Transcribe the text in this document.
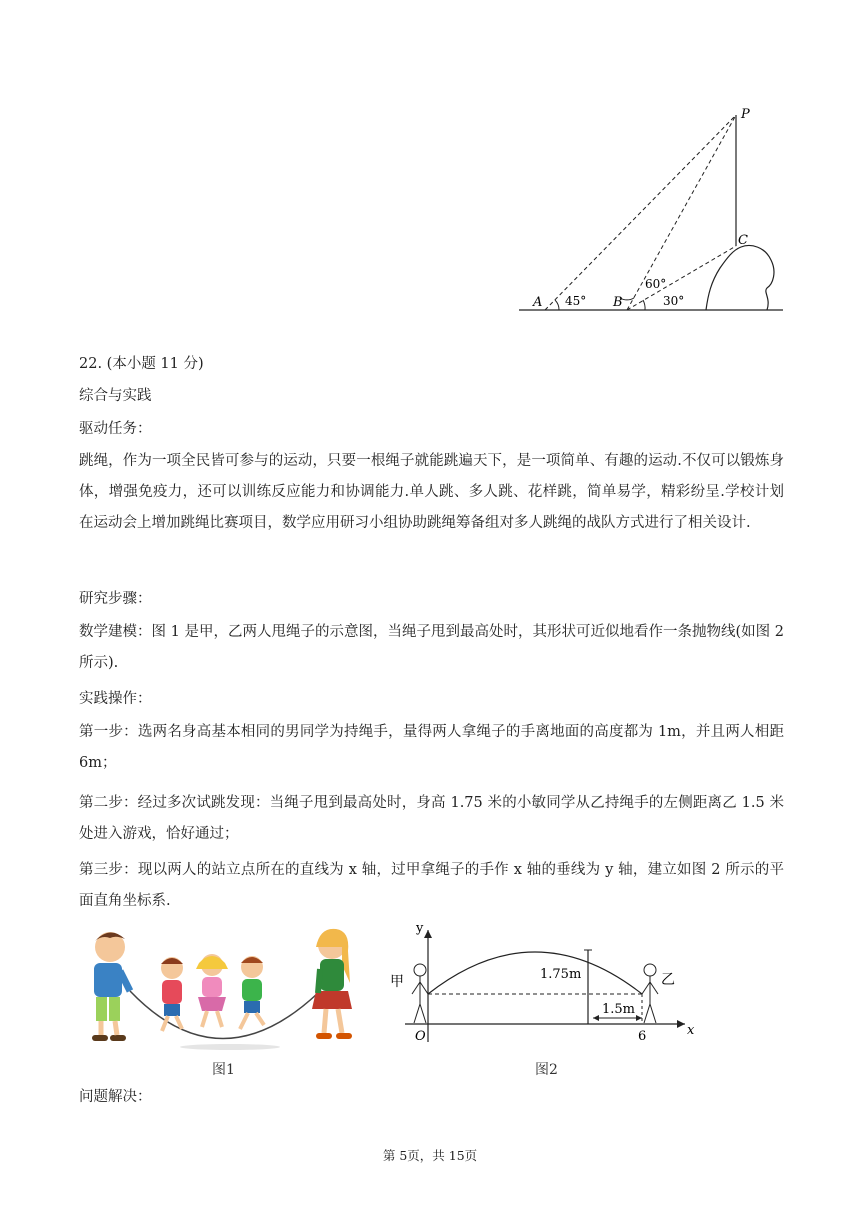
P
C
A	B
45°
60°
30°

22. (本小题 11 分)

综合与实践

驱动任务：

跳绳，作为一项全民皆可参与的运动，只要一根绳子就能跳遍天下，是一项简单、有趣的运动.不仅可以锻炼身体，增强免疫力，还可以训练反应能力和协调能力.单人跳、多人跳、花样跳，简单易学，精彩纷呈.学校计划在运动会上增加跳绳比赛项目，数学应用研习小组协助跳绳筹备组对多人跳绳的战队方式进行了相关设计.

研究步骤：

数学建模：图 1 是甲，乙两人甩绳子的示意图，当绳子甩到最高处时，其形状可近似地看作一条抛物线(如图 2 所示).

实践操作：

第一步：选两名身高基本相同的男同学为持绳手，量得两人拿绳子的手离地面的高度都为 1m，并且两人相距 6m；

第二步：经过多次试跳发现：当绳子甩到最高处时，身高 1.75 米的小敏同学从乙持绳手的左侧距离乙 1.5 米处进入游戏，恰好通过；

第三步：现以两人的站立点所在的直线为 x 轴，过甲拿绳子的手作 x 轴的垂线为 y 轴，建立如图 2 所示的平面直角坐标系.

图1
y
x
O	6
1.75m
1.5m
甲	乙
图2

问题解决：

第 5页，共 15页
